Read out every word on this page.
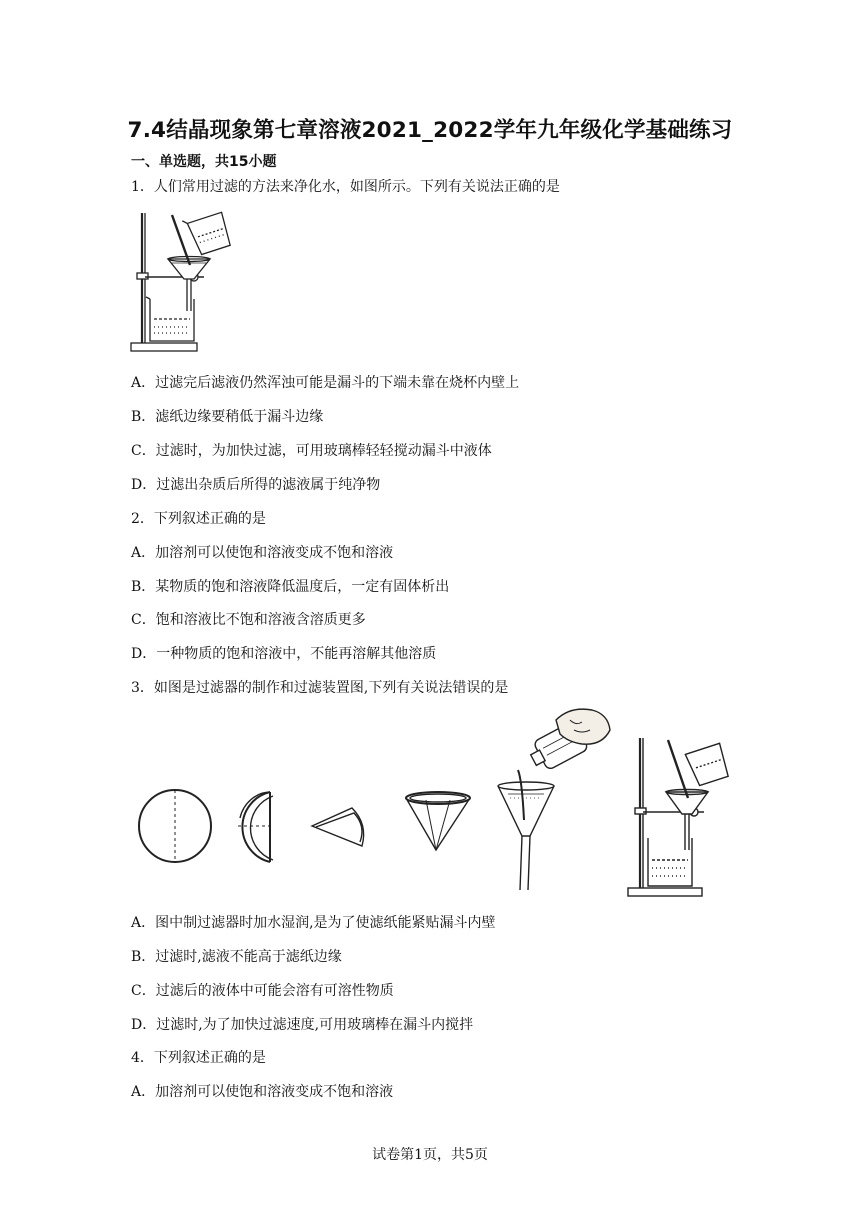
7.4结晶现象第七章溶液2021_2022学年九年级化学基础练习
一、单选题，共15小题
1．人们常用过滤的方法来净化水，如图所示。下列有关说法正确的是
A．过滤完后滤液仍然浑浊可能是漏斗的下端未靠在烧杯内壁上
B．滤纸边缘要稍低于漏斗边缘
C．过滤时，为加快过滤，可用玻璃棒轻轻搅动漏斗中液体
D．过滤出杂质后所得的滤液属于纯净物
2．下列叙述正确的是
A．加溶剂可以使饱和溶液变成不饱和溶液
B．某物质的饱和溶液降低温度后，一定有固体析出
C．饱和溶液比不饱和溶液含溶质更多
D．一种物质的饱和溶液中，不能再溶解其他溶质
3．如图是过滤器的制作和过滤装置图,下列有关说法错误的是
A．图中制过滤器时加水湿润,是为了使滤纸能紧贴漏斗内壁
B．过滤时,滤液不能高于滤纸边缘
C．过滤后的液体中可能会溶有可溶性物质
D．过滤时,为了加快过滤速度,可用玻璃棒在漏斗内搅拌
4．下列叙述正确的是
A．加溶剂可以使饱和溶液变成不饱和溶液
试卷第1页，共5页
